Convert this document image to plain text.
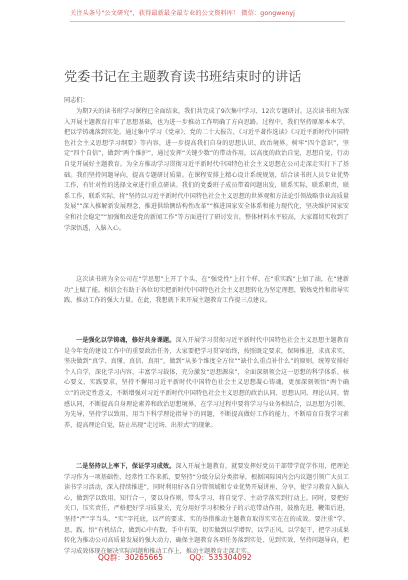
关注头条号"公文研究"，获得最新最全最专业的公文资料库！ 微信：gongwenyj
党委书记在主题教育读书班结束时的讲话
同志们：

为期7天的读书班学习课程已全面结束，我们共完成了9次集中学习、12次专题研讨。这次读书班为深入开展主题教育打牢了思想基础，也为进一步推动工作明确了方向思路。过程中，我们坚持原原本本学，把以学铸魂落到实处。通过集中学习《党章》、党的二十大报告、《习近平著作选读》《习近平新时代中国特色社会主义思想学习纲要》等内容，进一步提高我们自身的思想认识、政治境界。树牢“四个意识”，坚定“四个自信”，做到“两个维护”，通过发挥“关键少数”的带动作用，以高度的政治自觉，思想自觉，行动自觉开展好主题教育。为全方推动学习贯彻习近平新时代中国特色社会主义思想在公司走深走实打下了基础。我们坚持问题导向，提高专题研讨质量。在课程安排上精心设计系统规划，结合读书班人员专业优势工作，有针对性的选择文章进行重点研读。我们的党委班子成员带着问题出发，联系实际，联系职责，联系工作，联系实际，将“坚持以习近平新时代中国特色社会主义思想的世界观和方法论引领战略事业高质量发展”“深入推解新发展理念，推进供给侧结构性改革”“推进国家安全体系和能力现代化，坚决维护国家安全和社会稳定”“加强和改进党的新闻工作”等方面进行了研讨发言，整体材料水平较高，大家都切实收到了学深悟透，入脑入心。

这次读书班为全公司在“学思想”上开了个头，在“强党性”上打个样，在“重实践”上加了油，在“建新功”上赋了能。相信会有助于各位切实把新时代中国特色社会主义思想转化为坚定理想，锻炼党性和指导实践、推动工作的强大力量。在此，我想就下来开展主题教育工作提三点建议。

一是强化以学铸魂，修好共身课题。深入开展学习贯彻习近平新时代中国特色社会主义思想主题教育是今年党的建设工作中的重要政治任务，大家要把学习贯穿始终，按照既定要求，保障推进，求真求实，坚决做到“真学、真懂、真信、真用”，做到“从多个维度全方位”“缺什么重点补什么”的原则，统筹安排好个人自学，深化学习内容，丰富学习载体，充分激发“思想源泉”，全面深刻领会这一思想的科学体系、核心要义、实践要求，坚持不懈用习近平新时代中国特色社会主义思想凝心铸魂，更加深刻领悟“两个确立”的决定性意义，不断增强对习近平新时代中国特色社会主义思想的政治认同、思想认同、理论认同、情感认同，不断提高自身理论素养和政治思想境界，在学习过程中要将学习与业务相结合，以思想为引领、为先导，坚持学以致用，用当下科学理论指导下的问题，不断提高做好工作的能力，不断培育自我学习素养，提高理论自觉，防止出现“走过场、出形式”的现象。

二是坚持以上率下，保证学习成效。深入开展主题教育，就要发挥好党员干部带学促学作用，把理论学习作为一项基础性、经常性工作来抓，要坚持“分级分层分类指导，根据国际国内会内议题引领广大员工读书学习活动，深入持续推进”，同时利用好各自分管领域和专业优势开展讲座、分享，使学习教育入脑入心，做到学以致用、知行合一，要以身作则，带头学习，将自觉学、主动学落实到行动上。同时，要把好关口，压实责任，严格把好学习质量关，充分用好学习积极分子的示范带动作用，鼓励先进，鞭策后进，坚持“严”字当头、“实”字托底，以严的要求、实的举措推动主题教育取得实实在在的成效。要注重“学、思、践、悟”有机结合，做到心中有数、手中有策，切实做到以学增智、以学正风、以学促干，把学习成果转化为推动公司高质量发展的强大动力，确保主题教育各项任务落到实处、见到实效，坚持问题导向，把学习成效体现在解决实际问题和推动工作上，推动主题教育走深走实。

QQ群：30265665	QQ：535304092
